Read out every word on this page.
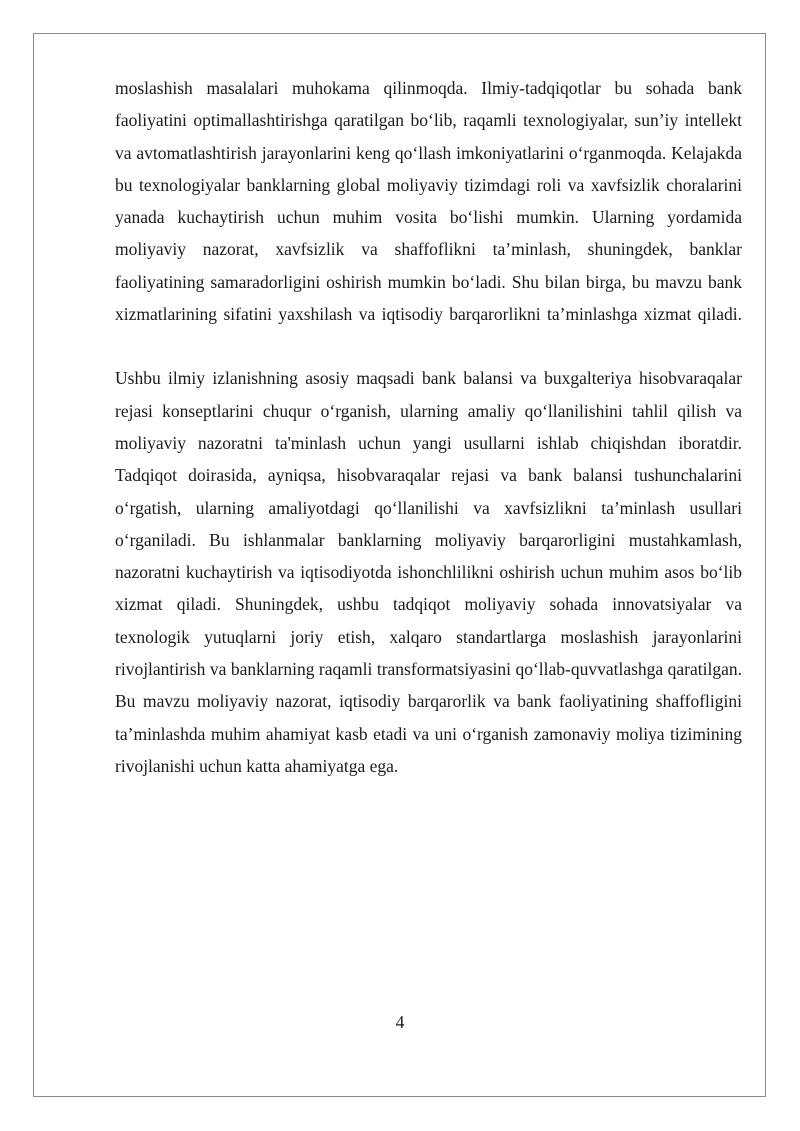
moslashish masalalari muhokama qilinmoqda. Ilmiy-tadqiqotlar bu sohada bank faoliyatini optimallashtirishga qaratilgan bo‘lib, raqamli texnologiyalar, sun’iy intellekt va avtomatlashtirish jarayonlarini keng qo‘llash imkoniyatlarini o‘rganmoqda. Kelajakda bu texnologiyalar banklarning global moliyaviy tizimdagi roli va xavfsizlik choralarini yanada kuchaytirish uchun muhim vosita bo‘lishi mumkin. Ularning yordamida moliyaviy nazorat, xavfsizlik va shaffoflikni ta’minlash, shuningdek, banklar faoliyatining samaradorligini oshirish mumkin bo‘ladi. Shu bilan birga, bu mavzu bank xizmatlarining sifatini yaxshilash va iqtisodiy barqarorlikni ta’minlashga xizmat qiladi.

Ushbu ilmiy izlanishning asosiy maqsadi bank balansi va buxgalteriya hisobvaraqalar rejasi konseptlarini chuqur o‘rganish, ularning amaliy qo‘llanilishini tahlil qilish va moliyaviy nazoratni ta'minlash uchun yangi usullarni ishlab chiqishdan iboratdir. Tadqiqot doirasida, ayniqsa, hisobvaraqalar rejasi va bank balansi tushunchalarini o‘rgatish, ularning amaliyotdagi qo‘llanilishi va xavfsizlikni ta’minlash usullari o‘rganiladi. Bu ishlanmalar banklarning moliyaviy barqarorligini mustahkamlash, nazoratni kuchaytirish va iqtisodiyotda ishonchlilikni oshirish uchun muhim asos bo‘lib xizmat qiladi. Shuningdek, ushbu tadqiqot moliyaviy sohada innovatsiyalar va texnologik yutuqlarni joriy etish, xalqaro standartlarga moslashish jarayonlarini rivojlantirish va banklarning raqamli transformatsiyasini qo‘llab-quvvatlashga qaratilgan. Bu mavzu moliyaviy nazorat, iqtisodiy barqarorlik va bank faoliyatining shaffofligini ta’minlashda muhim ahamiyat kasb etadi va uni o‘rganish zamonaviy moliya tizimining rivojlanishi uchun katta ahamiyatga ega.

4
